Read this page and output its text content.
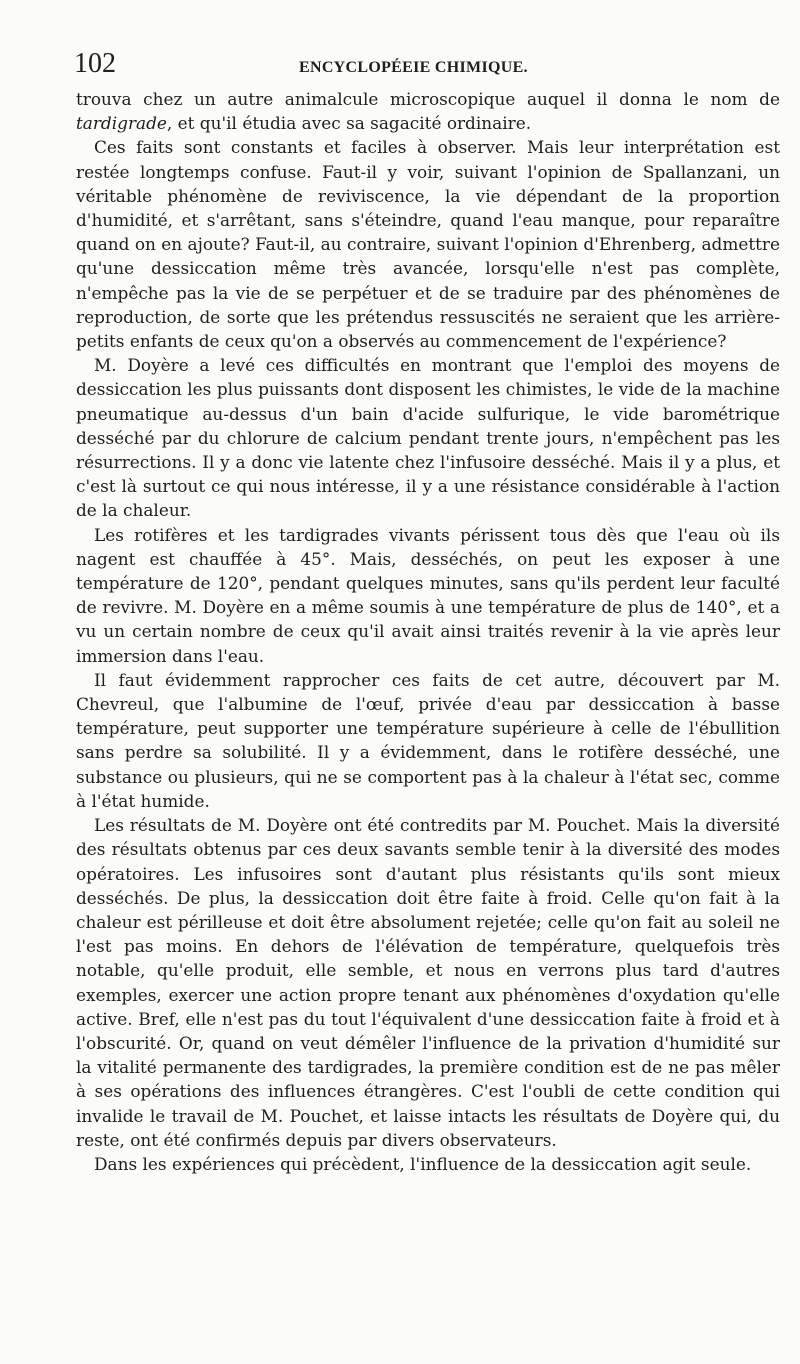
102	ENCYCLOPÉEIE CHIMIQUE.

trouva chez un autre animalcule microscopique auquel il donna le nom de tardigrade, et qu'il étudia avec sa sagacité ordinaire.

Ces faits sont constants et faciles à observer. Mais leur interprétation est restée longtemps confuse. Faut-il y voir, suivant l'opinion de Spallanzani, un véritable phénomène de reviviscence, la vie dépendant de la proportion d'humidité, et s'arrêtant, sans s'éteindre, quand l'eau manque, pour reparaître quand on en ajoute? Faut-il, au contraire, suivant l'opinion d'Ehrenberg, admettre qu'une dessiccation même très avancée, lorsqu'elle n'est pas complète, n'empêche pas la vie de se perpétuer et de se traduire par des phénomènes de reproduction, de sorte que les prétendus ressuscités ne seraient que les arrière-petits enfants de ceux qu'on a observés au commencement de l'expérience?

M. Doyère a levé ces difficultés en montrant que l'emploi des moyens de dessiccation les plus puissants dont disposent les chimistes, le vide de la machine pneumatique au-dessus d'un bain d'acide sulfurique, le vide barométrique desséché par du chlorure de calcium pendant trente jours, n'empêchent pas les résurrections. Il y a donc vie latente chez l'infusoire desséché. Mais il y a plus, et c'est là surtout ce qui nous intéresse, il y a une résistance considérable à l'action de la chaleur.

Les rotifères et les tardigrades vivants périssent tous dès que l'eau où ils nagent est chauffée à 45°. Mais, desséchés, on peut les exposer à une température de 120°, pendant quelques minutes, sans qu'ils perdent leur faculté de revivre. M. Doyère en a même soumis à une température de plus de 140°, et a vu un certain nombre de ceux qu'il avait ainsi traités revenir à la vie après leur immersion dans l'eau.

Il faut évidemment rapprocher ces faits de cet autre, découvert par M. Chevreul, que l'albumine de l'œuf, privée d'eau par dessiccation à basse température, peut supporter une température supérieure à celle de l'ébullition sans perdre sa solubilité. Il y a évidemment, dans le rotifère desséché, une substance ou plusieurs, qui ne se comportent pas à la chaleur à l'état sec, comme à l'état humide.

Les résultats de M. Doyère ont été contredits par M. Pouchet. Mais la diversité des résultats obtenus par ces deux savants semble tenir à la diversité des modes opératoires. Les infusoires sont d'autant plus résistants qu'ils sont mieux desséchés. De plus, la dessiccation doit être faite à froid. Celle qu'on fait à la chaleur est périlleuse et doit être absolument rejetée; celle qu'on fait au soleil ne l'est pas moins. En dehors de l'élévation de température, quelquefois très notable, qu'elle produit, elle semble, et nous en verrons plus tard d'autres exemples, exercer une action propre tenant aux phénomènes d'oxydation qu'elle active. Bref, elle n'est pas du tout l'équivalent d'une dessiccation faite à froid et à l'obscurité. Or, quand on veut démêler l'influence de la privation d'humidité sur la vitalité permanente des tardigrades, la première condition est de ne pas mêler à ses opérations des influences étrangères. C'est l'oubli de cette condition qui invalide le travail de M. Pouchet, et laisse intacts les résultats de Doyère qui, du reste, ont été confirmés depuis par divers observateurs.

Dans les expériences qui précèdent, l'influence de la dessiccation agit seule.
